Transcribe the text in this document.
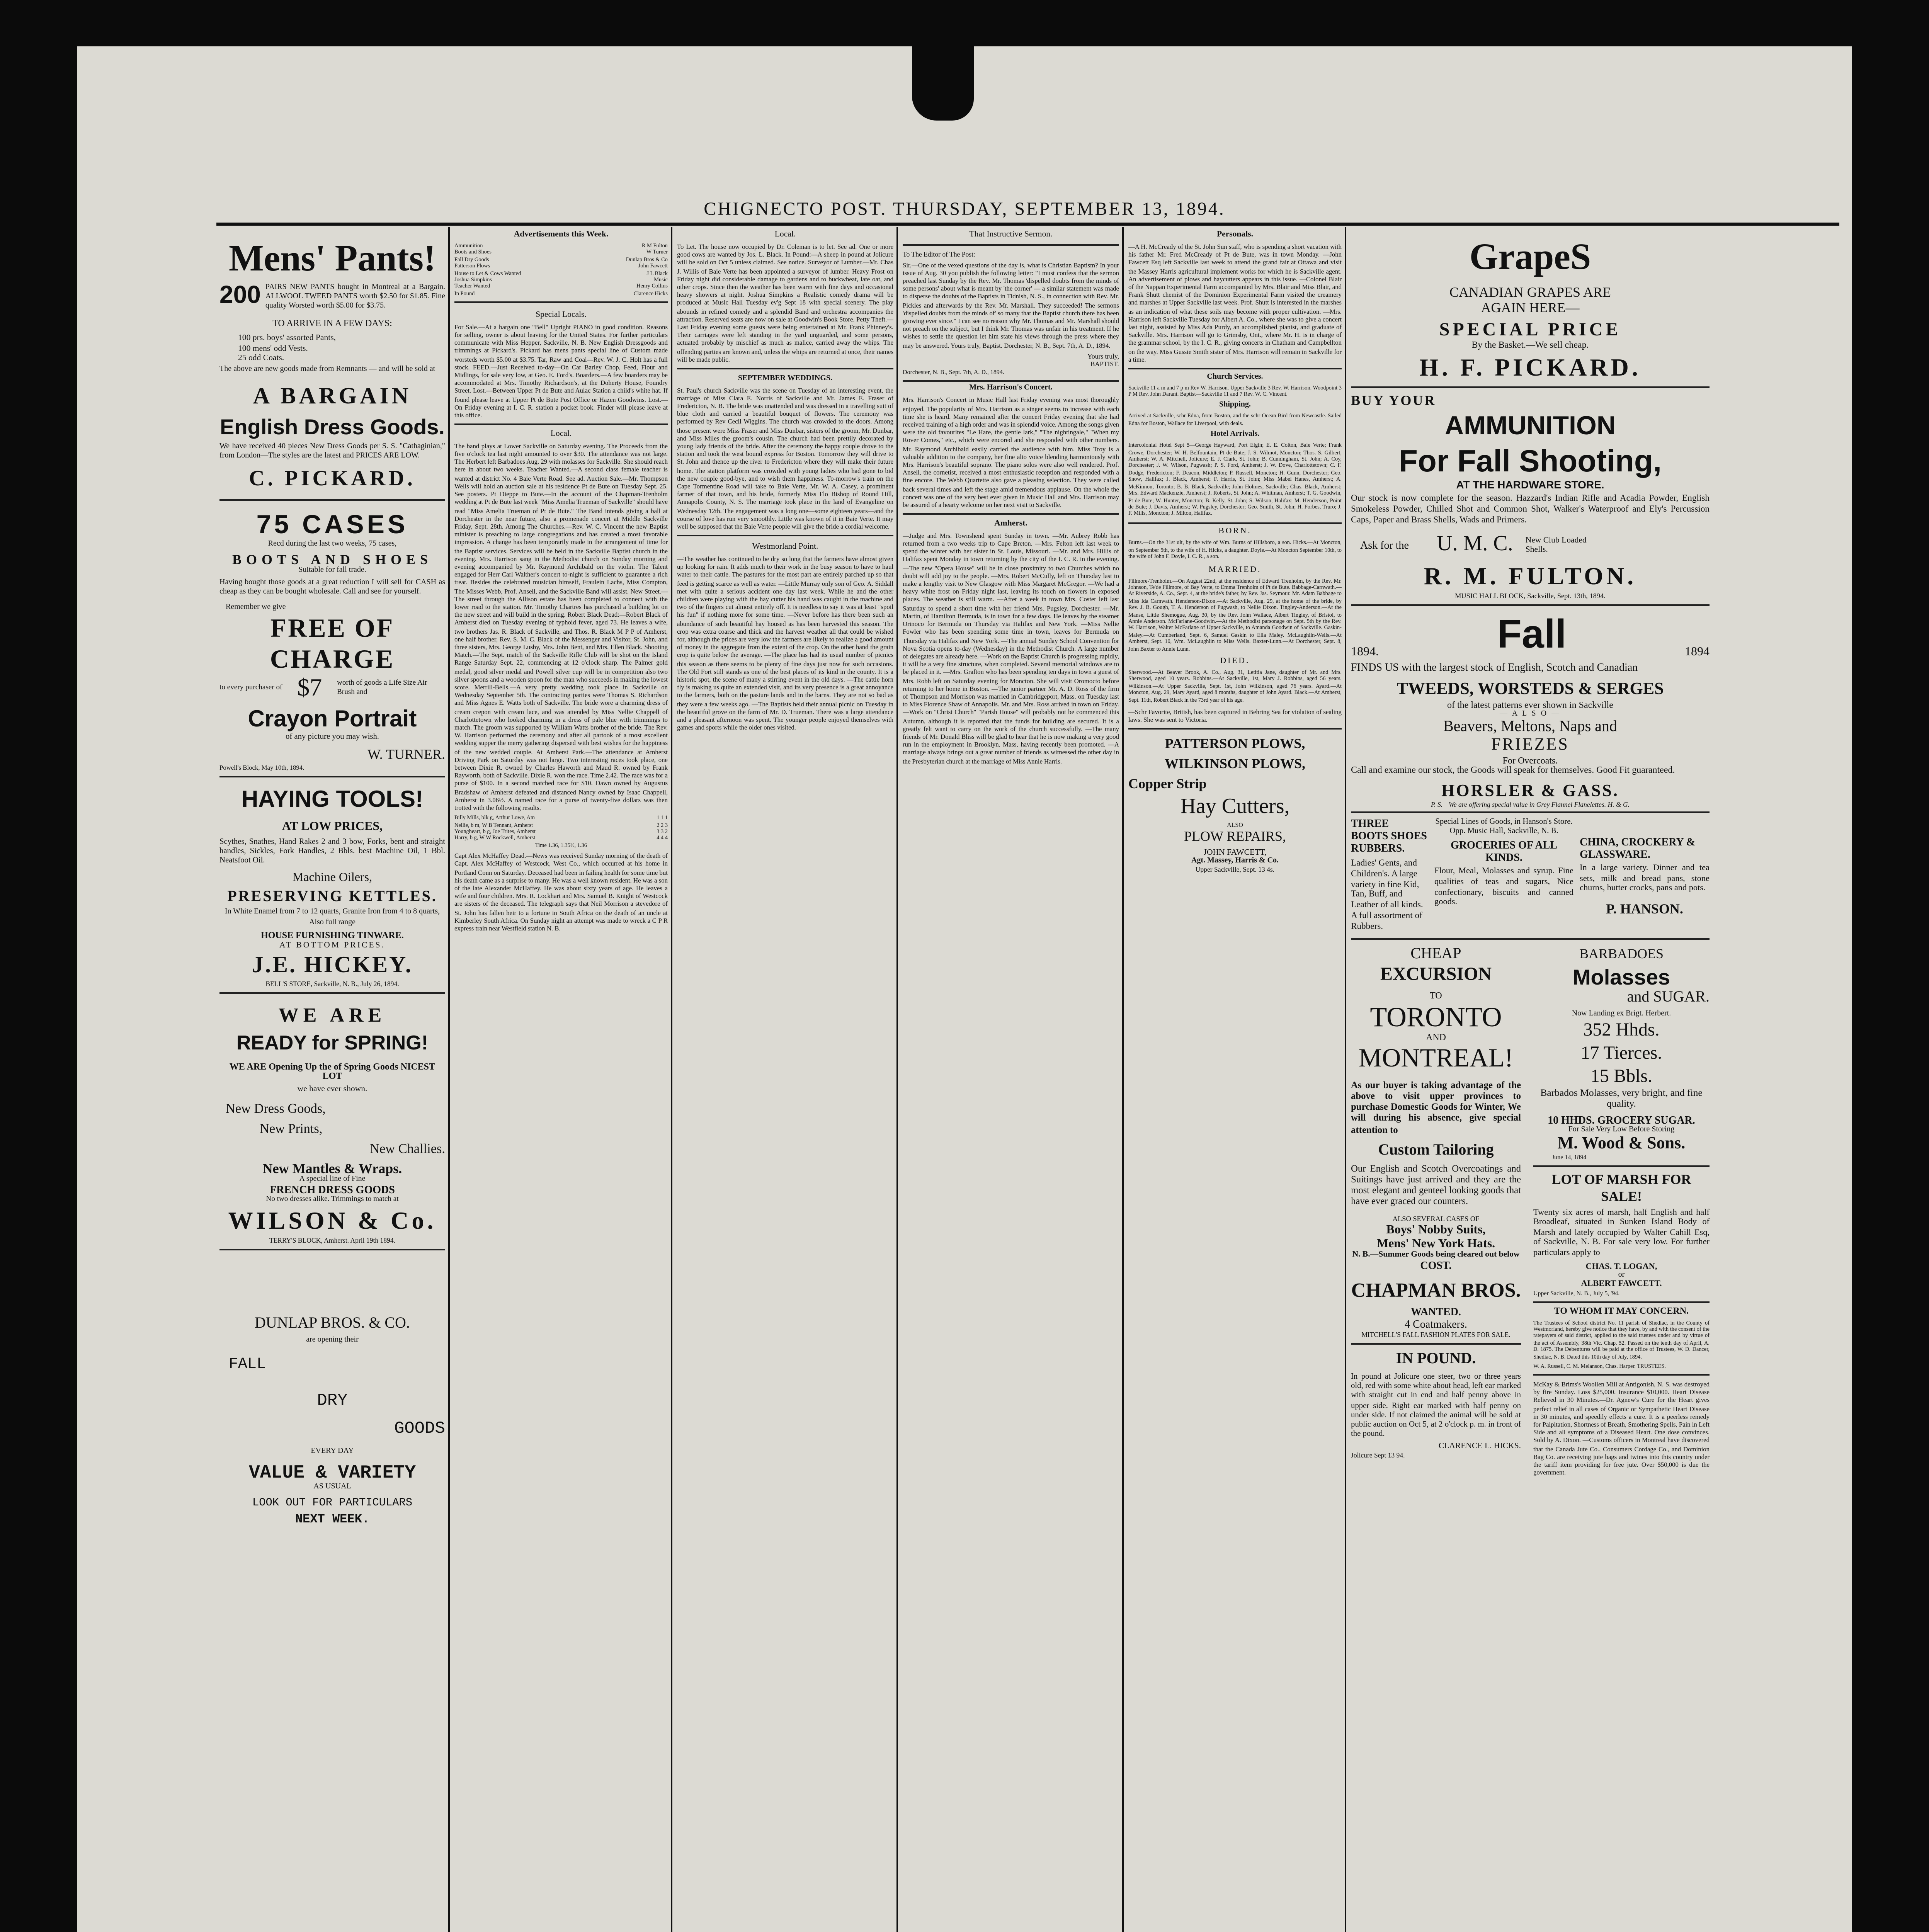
CHIGNECTO POST. THURSDAY, SEPTEMBER 13, 1894.
Mens' Pants!
200 PAIRS NEW PANTS bought in Montreal at a Bargain. ALLWOOL TWEED PANTS worth $2.50 for $1.85. Fine quality Worsted worth $5.00 for $3.75.
TO ARRIVE IN A FEW DAYS:
100 prs. boys' assorted Pants,
100 mens' odd Vests.
25 odd Coats.
The above are new goods made from Remnants — and will be sold at
A BARGAIN
English Dress Goods.
We have received 40 pieces New Dress Goods per S. S. "Cathaginian," from London—The styles are the latest and PRICES ARE LOW.
C. PICKARD.
75 CASES
Recd during the last two weeks, 75 cases,
BOOTS AND SHOES
Suitable for fall trade.
Having bought those goods at a great reduction I will sell for CASH as cheap as they can be bought wholesale. Call and see for yourself.
Remember we give
FREE OF CHARGE
to every purchaser of $7	worth of goods a Life Size Air Brush and
Crayon Portrait
of any picture you may wish.
W. TURNER.
Powell's Block, May 10th, 1894.
HAYING TOOLS!
AT LOW PRICES,
Scythes, Snathes, Hand Rakes 2 and 3 bow, Forks, bent and straight handles, Sickles, Fork Handles, 2 Bbls. best Machine Oil, 1 Bbl. Neatsfoot Oil.
Machine Oilers,
PRESERVING KETTLES.
In White Enamel from 7 to 12 quarts, Granite Iron from 4 to 8 quarts, Also full range
HOUSE FURNISHING TINWARE.
AT BOTTOM PRICES.
J.E. HICKEY.
BELL'S STORE, Sackville, N. B., July 26, 1894.
WE ARE
READY for SPRING!
WE ARE Opening Up the of Spring Goods NICEST LOT
we have ever shown.
New Dress Goods,
New Prints,
New Challies.
New Mantles & Wraps.
A special line of Fine
FRENCH DRESS GOODS
No two dresses alike. Trimmings to match at
WILSON & Co.
TERRY'S BLOCK, Amherst. April 19th 1894.
DUNLAP BROS. & CO.
are opening their
FALL
DRY
GOODS
EVERY DAY
VALUE & VARIETY
AS USUAL
LOOK OUT FOR PARTICULARS
NEXT WEEK.
Advertisements this Week.
Ammunition	R M Fulton
Boots and Shoes	W Turner
Fall Dry Goods	Dunlap Bros & Co
Patterson Plows	John Fawcett
House to Let & Cows Wanted	J L Black
Joshua Simpkins	Music
Teacher Wanted	Henry Collins
In Pound	Clarence Hicks
Special Locals.
For Sale.—At a bargain one "Bell" Upright PIANO in good condition. Reasons for selling, owner is about leaving for the United States. For further particulars communicate with Miss Hepper, Sackville, N. B. New English Dressgoods and trimmings at Pickard's. Pickard has mens pants special line of Custom made worsteds worth $5.00 at $3.75. Tar, Raw and Coal—Rev. W. J. C. Holt has a full stock. FEED.—Just Received to-day—On Car Barley Chop, Feed, Flour and Midlings, for sale very low, at Geo. E. Ford's. Boarders.—A few boarders may be accommodated at Mrs. Timothy Richardson's, at the Doherty House, Foundry Street. Lost.—Between Upper Pt de Bute and Aulac Station a child's white hat. If found please leave at Upper Pt de Bute Post Office or Hazen Goodwins. Lost.—On Friday evening at I. C. R. station a pocket book. Finder will please leave at this office.
Local.
The band plays at Lower Sackville on Saturday evening. The Proceeds from the five o'clock tea last night amounted to over $30. The attendance was not large. The Herbert left Barbadoes Aug. 29 with molasses for Sackville. She should reach here in about two weeks. Teacher Wanted.—A second class female teacher is wanted at district No. 4 Baie Verte Road. See ad. Auction Sale.—Mr. Thompson Wells will hold an auction sale at his residence Pt de Bute on Tuesday Sept. 25. See posters. Pt Dieppe to Bute.—In the account of the Chapman-Trenholm wedding at Pt de Bute last week "Miss Amelia Trueman of Sackville" should have read "Miss Amelia Trueman of Pt de Bute." The Band intends giving a ball at Dorchester in the near future, also a promenade concert at Middle Sackville Friday, Sept. 28th. Among The Churches.—Rev. W. C. Vincent the new Baptist minister is preaching to large congregations and has created a most favorable impression. A change has been temporarily made in the arrangement of time for the Baptist services. Services will be held in the Sackville Baptist church in the evening. Mrs. Harrison sang in the Methodist church on Sunday morning and evening accompanied by Mr. Raymond Archibald on the violin. The Talent engaged for Herr Carl Walther's concert to-night is sufficient to guarantee a rich treat. Besides the celebrated musician himself, Fraulein Lachs, Miss Compton, The Misses Webb, Prof. Ansell, and the Sackville Band will assist. New Street.—The street through the Allison estate has been completed to connect with the lower road to the station. Mr. Timothy Chartres has purchased a building lot on the new street and will build in the spring. Robert Black Dead:—Robert Black of Amherst died on Tuesday evening of typhoid fever, aged 73. He leaves a wife, two brothers Jas. R. Black of Sackville, and Thos. R. Black M P P of Amherst, one half brother, Rev. S. M. C. Black of the Messenger and Visitor, St. John, and three sisters, Mrs. George Lusby, Mrs. John Bent, and Mrs. Ellen Black. Shooting Match.—The Sept. match of the Sackville Rifle Club will be shot on the Island Range Saturday Sept. 22, commencing at 12 o'clock sharp. The Palmer gold medal, good silver medal and Powell silver cup will be in competition also two silver spoons and a wooden spoon for the man who succeeds in making the lowest score. Merrill-Bells.—A very pretty wedding took place in Sackville on Wednesday September 5th. The contracting parties were Thomas S. Richardson and Miss Agnes E. Watts both of Sackville. The bride wore a charming dress of cream crepon with cream lace, and was attended by Miss Nellie Chappell of Charlottetown who looked charming in a dress of pale blue with trimmings to match. The groom was supported by William Watts brother of the bride. The Rev. W. Harrison performed the ceremony and after all partook of a most excellent wedding supper the merry gathering dispersed with best wishes for the happiness of the new wedded couple. At Amherst Park.—The attendance at Amherst Driving Park on Saturday was not large. Two interesting races took place, one between Dixie R. owned by Charles Haworth and Maud R. owned by Frank Rayworth, both of Sackville. Dixie R. won the race. Time 2.42. The race was for a purse of $100. In a second matched race for $10. Dawn owned by Augustus Bradshaw of Amherst defeated and distanced Nancy owned by Isaac Chappell, Amherst in 3.06½. A named race for a purse of twenty-five dollars was then trotted with the following results.
Billy Mills, blk g, Arthur Lowe, Am	1 1 1
Nellie, b m, W B Tennant, Amherst	2 2 3
Youngheart, b g, Joe Trites, Amherst	3 3 2
Harry, b g, W W Rockwell, Amherst	4 4 4
Time 1.36, 1.35½, 1.36
Capt Alex McHaffey Dead.—News was received Sunday morning of the death of Capt. Alex McHaffey of Westcock, West Co., which occurred at his home in Portland Conn on Saturday. Deceased had been in failing health for some time but his death came as a surprise to many. He was a well known resident. He was a son of the late Alexander McHaffey. He was about sixty years of age. He leaves a wife and four children. Mrs. R. Lockhart and Mrs. Samuel B. Knight of Westcock are sisters of the deceased. The telegraph says that Neil Morrison a stevedore of St. John has fallen heir to a fortune in South Africa on the death of an uncle at Kimberley South Africa. On Sunday night an attempt was made to wreck a C P R express train near Westfield station N. B.
Local.
To Let. The house now occupied by Dr. Coleman is to let. See ad. One or more good cows are wanted by Jos. L. Black. In Pound:—A sheep in pound at Jolicure will be sold on Oct 5 unless claimed. See notice. Surveyor of Lumber.—Mr. Chas J. Willis of Baie Verte has been appointed a surveyor of lumber. Heavy Frost on Friday night did considerable damage to gardens and to buckwheat, late oat, and other crops. Since then the weather has been warm with fine days and occasional heavy showers at night. Joshua Simpkins a Realistic comedy drama will be produced at Music Hall Tuesday ev'g Sept 18 with special scenery. The play abounds in refined comedy and a splendid Band and orchestra accompanies the attraction. Reserved seats are now on sale at Goodwin's Book Store. Petty Theft.—Last Friday evening some guests were being entertained at Mr. Frank Phinney's. Their carriages were left standing in the yard unguarded, and some persons, actuated probably by mischief as much as malice, carried away the whips. The offending parties are known and, unless the whips are returned at once, their names will be made public.
SEPTEMBER WEDDINGS.
St. Paul's church Sackville was the scene on Tuesday of an interesting event, the marriage of Miss Clara E. Norris of Sackville and Mr. James E. Fraser of Fredericton, N. B. The bride was unattended and was dressed in a travelling suit of blue cloth and carried a beautiful bouquet of flowers. The ceremony was performed by Rev Cecil Wiggins. The church was crowded to the doors. Among those present were Miss Fraser and Miss Dunbar, sisters of the groom, Mr. Dunbar, and Miss Miles the groom's cousin. The church had been prettily decorated by young lady friends of the bride. After the ceremony the happy couple drove to the station and took the west bound express for Boston. Tomorrow they will drive to St. John and thence up the river to Fredericton where they will make their future home. The station platform was crowded with young ladies who had gone to bid the new couple good-bye, and to wish them happiness. To-morrow's train on the Cape Tormentine Road will take to Baie Verte, Mr. W. A. Casey, a prominent farmer of that town, and his bride, formerly Miss Flo Bishop of Round Hill, Annapolis County, N. S. The marriage took place in the land of Evangeline on Wednesday 12th. The engagement was a long one—some eighteen years—and the course of love has run very smoothly. Little was known of it in Baie Verte. It may well be supposed that the Baie Verte people will give the bride a cordial welcome.
Westmorland Point.
—The weather has continued to be dry so long that the farmers have almost given up looking for rain. It adds much to their work in the busy season to have to haul water to their cattle. The pastures for the most part are entirely parched up so that feed is getting scarce as well as water. —Little Murray only son of Geo. A. Siddall met with quite a serious accident one day last week. While he and the other children were playing with the hay cutter his hand was caught in the machine and two of the fingers cut almost entirely off. It is needless to say it was at least "spoil his fun" if nothing more for some time. —Never before has there been such an abundance of such beautiful hay housed as has been harvested this season. The crop was extra coarse and thick and the harvest weather all that could be wished for, although the prices are very low the farmers are likely to realize a good amount of money in the aggregate from the extent of the crop. On the other hand the grain crop is quite below the average. —The place has had its usual number of picnics this season as there seems to be plenty of fine days just now for such occasions. The Old Fort still stands as one of the best places of its kind in the county. It is a historic spot, the scene of many a stirring event in the old days. —The cattle horn fly is making us quite an extended visit, and its very presence is a great annoyance to the farmers, both on the pasture lands and in the barns. They are not so bad as they were a few weeks ago. —The Baptists held their annual picnic on Tuesday in the beautiful grove on the farm of Mr. D. Trueman. There was a large attendance and a pleasant afternoon was spent. The younger people enjoyed themselves with games and sports while the older ones visited.
That Instructive Sermon.
To The Editor of The Post:
Sir,—One of the vexed questions of the day is, what is Christian Baptism? In your issue of Aug. 30 you publish the following letter: "I must confess that the sermon preached last Sunday by the Rev. Mr. Thomas 'dispelled doubts from the minds of some persons' about what is meant by 'the corner' — a similar statement was made to disperse the doubts of the Baptists in Tidnish, N. S., in connection with Rev. Mr. Pickles and afterwards by the Rev. Mr. Marshall. They succeeded! The sermons 'dispelled doubts from the minds of' so many that the Baptist church there has been growing ever since." I can see no reason why Mr. Thomas and Mr. Marshall should not preach on the subject, but I think Mr. Thomas was unfair in his treatment. If he wishes to settle the question let him state his views through the press where they may be answered. Yours truly, Baptist. Dorchester, N. B., Sept. 7th, A. D., 1894.
Yours truly,
BAPTIST.
Dorchester, N. B., Sept. 7th, A. D., 1894.
Mrs. Harrison's Concert.
Mrs. Harrison's Concert in Music Hall last Friday evening was most thoroughly enjoyed. The popularity of Mrs. Harrison as a singer seems to increase with each time she is heard. Many remained after the concert Friday evening that she had received training of a high order and was in splendid voice. Among the songs given were the old favourites "Le Hare, the gentle lark," "The nightingale," "When my Rover Comes," etc., which were encored and she responded with other numbers. Mr. Raymond Archibald easily carried the audience with him. Miss Troy is a valuable addition to the company, her fine alto voice blending harmoniously with Mrs. Harrison's beautiful soprano. The piano solos were also well rendered. Prof. Ansell, the cornetist, received a most enthusiastic reception and responded with a fine encore. The Webb Quartette also gave a pleasing selection. They were called back several times and left the stage amid tremendous applause. On the whole the concert was one of the very best ever given in Music Hall and Mrs. Harrison may be assured of a hearty welcome on her next visit to Sackville.
Amherst.
—Judge and Mrs. Townshend spent Sunday in town. —Mr. Aubrey Robb has returned from a two weeks trip to Cape Breton. —Mrs. Felton left last week to spend the winter with her sister in St. Louis, Missouri. —Mr. and Mrs. Hillis of Halifax spent Monday in town returning by the city of the I. C. R. in the evening. —The new "Opera House" will be in close proximity to two Churches which no doubt will add joy to the people. —Mrs. Robert McCully, left on Thursday last to make a lengthy visit to New Glasgow with Miss Margaret McGregor. —We had a heavy white frost on Friday night last, leaving its touch on flowers in exposed places. The weather is still warm. —After a week in town Mrs. Coster left last Saturday to spend a short time with her friend Mrs. Pugsley, Dorchester. —Mr. Martin, of Hamilton Bermuda, is in town for a few days. He leaves by the steamer Orinoco for Bermuda on Thursday via Halifax and New York. —Miss Nellie Fowler who has been spending some time in town, leaves for Bermuda on Thursday via Halifax and New York. —The annual Sunday School Convention for Nova Scotia opens to-day (Wednesday) in the Methodist Church. A large number of delegates are already here. —Work on the Baptist Church is progressing rapidly, it will be a very fine structure, when completed. Several memorial windows are to be placed in it. —Mrs. Grafton who has been spending ten days in town a guest of Mrs. Robb left on Saturday evening for Moncton. She will visit Oromocto before returning to her home in Boston. —The junior partner Mr. A. D. Ross of the firm of Thompson and Morrison was married in Cambridgeport, Mass. on Tuesday last to Miss Florence Shaw of Annapolis. Mr. and Mrs. Ross arrived in town on Friday. —Work on "Christ Church" "Parish House" will probably not be commenced this Autumn, although it is reported that the funds for building are secured. It is a greatly felt want to carry on the work of the church successfully. —The many friends of Mr. Donald Bliss will be glad to hear that he is now making a very good run in the employment in Brooklyn, Mass, having recently been promoted. —A marriage always brings out a great number of friends as witnessed the other day in the Presbyterian church at the marriage of Miss Annie Harris.
Personals.
—A H. McCready of the St. John Sun staff, who is spending a short vacation with his father Mr. Fred McCready of Pt de Bute, was in town Monday. —John Fawcett Esq left Sackville last week to attend the grand fair at Ottawa and visit the Massey Harris agricultural implement works for which he is Sackville agent. An advertisement of plows and haycutters appears in this issue. —Colonel Blair of the Nappan Experimental Farm accompanied by Mrs. Blair and Miss Blair, and Frank Shutt chemist of the Dominion Experimental Farm visited the creamery and marshes at Upper Sackville last week. Prof. Shutt is interested in the marshes as an indication of what these soils may become with proper cultivation. —Mrs. Harrison left Sackville Tuesday for Albert A. Co., where she was to give a concert last night, assisted by Miss Ada Purdy, an accomplished pianist, and graduate of Sackville. Mrs. Harrison will go to Grimsby, Ont., where Mr. H. is in charge of the grammar school, by the I. C. R., giving concerts in Chatham and Campbellton on the way. Miss Gussie Smith sister of Mrs. Harrison will remain in Sackville for a time.
Church Services.
Sackville 11 a m and 7 p m Rev W. Harrison. Upper Sackville 3 Rev. W. Harrison. Woodpoint 3 P M Rev. John Darant. Baptist—Sackville 11 and 7 Rev. W. C. Vincent.
Shipping.
Arrived at Sackville, schr Edna, from Boston, and the schr Ocean Bird from Newcastle. Sailed Edna for Boston, Wallace for Liverpool, with deals.
Hotel Arrivals.
Intercolonial Hotel Sept 5—George Hayward, Port Elgin; E. E. Colton, Baie Verte; Frank Crowe, Dorchester; W. H. Belfountain, Pt de Bute; J. S. Wilmot, Moncton; Thos. S. Gilbert, Amherst; W. A. Mitchell, Jolicure; E. J. Clark, St. John; B. Cunningham, St. John; A. Coy, Dorchester; J. W. Wilson, Pugwash; P. S. Ford, Amherst; J. W. Dove, Charlottetown; C. F. Dodge, Fredericton; F. Deacon, Middleton; P. Russell, Moncton; H. Gunn, Dorchester; Geo. Snow, Halifax; J. Black, Amherst; F. Harris, St. John; Miss Mabel Hanes, Amherst; A. McKinnon, Toronto; B. B. Black, Sackville; John Holmes, Sackville; Chas. Black, Amherst; Mrs. Edward Mackenzie, Amherst; J. Roberts, St. John; A. Whitman, Amherst; T. G. Goodwin, Pt de Bute; W. Hunter, Moncton; B. Kelly, St. John; S. Wilson, Halifax; M. Henderson, Point de Bute; J. Davis, Amherst; W. Pugsley, Dorchester; Geo. Smith, St. John; H. Forbes, Truro; J. F. Mills, Moncton; J. Milton, Halifax.
BORN.
Burns.—On the 31st ult, by the wife of Wm. Burns of Hillsboro, a son. Hicks.—At Moncton, on September 5th, to the wife of H. Hicks, a daughter. Doyle.—At Moncton September 10th, to the wife of John F. Doyle, I. C. R., a son.
MARRIED.
Fillmore-Trenholm.—On August 22nd, at the residence of Edward Trenholm, by the Rev. Mr. Johnson, Te'de Fillmore, of Bay Verte, to Emma Trenholm of Pt de Bute. Babbage-Carnwath.—At Riverside, A. Co., Sept. 4, at the bride's father, by Rev. Jas. Seymour. Mr. Adam Babbage to Miss Ida Carnwath. Henderson-Dixon.—At Sackville, Aug. 29, at the home of the bride, by Rev. J. B. Gough, T. A. Henderson of Pugwash, to Nellie Dixon. Tingley-Anderson.—At the Manse, Little Shemogue, Aug. 30, by the Rev. John Wallace, Albert Tingley, of Bristol, to Annie Anderson. McFarlane-Goodwin.—At the Methodist parsonage on Sept. 5th by the Rev. W. Harrison, Walter McFarlane of Upper Sackville, to Amanda Goodwin of Sackville. Gaskin-Maley.—At Cumberland, Sept. 6, Samuel Gaskin to Ella Maley. McLaughlin-Wells.—At Amherst, Sept. 10, Wm. McLaughlin to Miss Wells. Baxter-Lunn.—At Dorchester, Sept. 8, John Baxter to Annie Lunn.
DIED.
Sherwood.—At Beaver Brook, A. Co., Aug. 31, Letitia Jane, daughter of Mr. and Mrs. Sherwood, aged 10 years. Robbins.—At Sackville, 1st, Mary J. Robbins, aged 56 years. Wilkinson.—At Upper Sackville, Sept. 1st, John Wilkinson, aged 76 years. Ayard.—At Moncton, Aug. 29, Mary Ayard, aged 8 months, daughter of John Ayard. Black.—At Amherst, Sept. 11th, Robert Black in the 73rd year of his age.
—Schr Favorite, British, has been captured in Behring Sea for violation of sealing laws. She was sent to Victoria.
PATTERSON PLOWS,
WILKINSON PLOWS,
Copper Strip
Hay Cutters,
ALSO
PLOW REPAIRS,
JOHN FAWCETT,
Agt. Massey, Harris & Co.
Upper Sackville, Sept. 13 4s.
GrapeS
CANADIAN GRAPES ARE
AGAIN HERE—
SPECIAL PRICE
By the Basket.—We sell cheap.
H. F. PICKARD.
BUY YOUR
AMMUNITION
For Fall Shooting,
AT THE HARDWARE STORE.
Our stock is now complete for the season. Hazzard's Indian Rifle and Acadia Powder, English Smokeless Powder, Chilled Shot and Common Shot, Walker's Waterproof and Ely's Percussion Caps, Paper and Brass Shells, Wads and Primers.
Ask for the	U. M. C.	New Club Loaded Shells.
R. M. FULTON.
MUSIC HALL BLOCK, Sackville, Sept. 13th, 1894.
1894.	Fall	1894
FINDS US with the largest stock of English, Scotch and Canadian
TWEEDS, WORSTEDS & SERGES
of the latest patterns ever shown in Sackville
— A L S O —
Beavers, Meltons, Naps and
FRIEZES
For Overcoats.
Call and examine our stock, the Goods will speak for themselves. Good Fit guaranteed.
HORSLER & GASS.
P. S.—We are offering special value in Grey Flannel Flanelettes. H. & G.
THREE BOOTS SHOES RUBBERS.
Ladies' Gents, and Children's. A large variety in fine Kid, Tan, Buff, and Leather of all kinds. A full assortment of Rubbers.
Special Lines of Goods, in Hanson's Store. Opp. Music Hall, Sackville, N. B.
GROCERIES OF ALL KINDS.
Flour, Meal, Molasses and syrup. Fine qualities of teas and sugars, Nice confectionary, biscuits and canned goods.
CHINA, CROCKERY & GLASSWARE.
In a large variety. Dinner and tea sets, milk and bread pans, stone churns, butter crocks, pans and pots.
P. HANSON.
CHEAP
EXCURSION
TO
TORONTO
AND
MONTREAL!
As our buyer is taking advantage of the above to visit upper provinces to purchase Domestic Goods for Winter, We will during his absence, give special attention to
Custom Tailoring
Our English and Scotch Overcoatings and Suitings have just arrived and they are the most elegant and genteel looking goods that have ever graced our counters.
ALSO SEVERAL CASES OF
Boys' Nobby Suits,
Mens' New York Hats.
N. B.—Summer Goods being cleared out below
COST.
CHAPMAN BROS.
WANTED.
4 Coatmakers.
MITCHELL'S FALL FASHION PLATES FOR SALE.
IN POUND.
In pound at Jolicure one steer, two or three years old, red with some white about head, left ear marked with straight cut in end and half penny above in upper side. Right ear marked with half penny on under side. If not claimed the animal will be sold at public auction on Oct 5, at 2 o'clock p. m. in front of the pound.
CLARENCE L. HICKS.
Jolicure Sept 13 94.
BARBADOES
Molasses
and SUGAR.
Now Landing ex Brigt. Herbert.
352 Hhds.
17 Tierces.
15 Bbls.
Barbados Molasses, very bright, and fine quality.
10 HHDS. GROCERY SUGAR.
For Sale Very Low Before Storing
M. Wood & Sons.
June 14, 1894
LOT OF MARSH FOR SALE!
Twenty six acres of marsh, half English and half Broadleaf, situated in Sunken Island Body of Marsh and lately occupied by Walter Cahill Esq, of Sackville, N. B. For sale very low. For further particulars apply to
CHAS. T. LOGAN,
or
ALBERT FAWCETT.
Upper Sackville, N. B., July 5, '94.
TO WHOM IT MAY CONCERN.
The Trustees of School district No. 11 parish of Shediac, in the County of Westmorland, hereby give notice that they have, by and with the consent of the ratepayers of said district, applied to the said trustees under and by virtue of the act of Assembly, 38th Vic. Chap. 52. Passed on the tenth day of April, A. D. 1875. The Debentures will be paid at the office of Trustees, W. D. Dancer, Shediac, N. B. Dated this 10th day of July, 1894.
W. A. Russell, C. M. Melanson, Chas. Harper. TRUSTEES.
McKay & Brims's Woollen Mill at Antigonish, N. S. was destroyed by fire Sunday. Loss $25,000. Insurance $10,000. Heart Disease Relieved in 30 Minutes.—Dr. Agnew's Cure for the Heart gives perfect relief in all cases of Organic or Sympathetic Heart Disease in 30 minutes, and speedily effects a cure. It is a peerless remedy for Palpitation, Shortness of Breath, Smothering Spells, Pain in Left Side and all symptoms of a Diseased Heart. One dose convinces. Sold by A. Dixon. —Customs officers in Montreal have discovered that the Canada Jute Co., Consumers Cordage Co., and Dominion Bag Co. are receiving jute bags and twines into this country under the tariff item providing for free jute. Over $50,000 is due the government.
